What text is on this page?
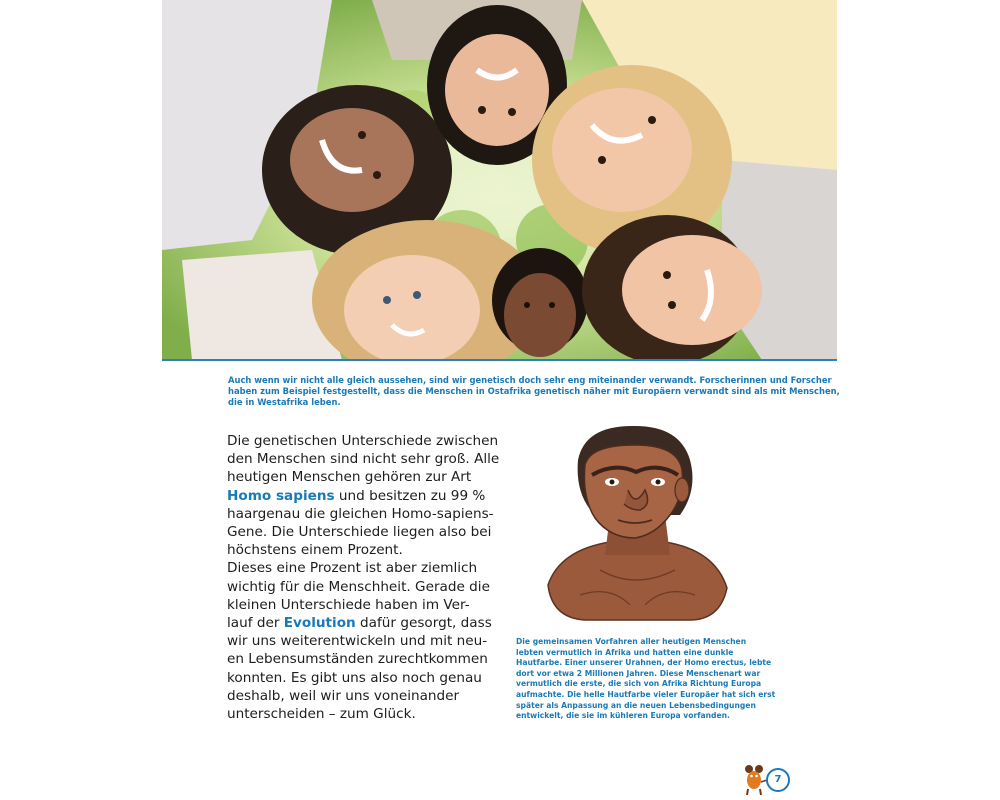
Auch wenn wir nicht alle gleich aussehen, sind wir genetisch doch sehr eng miteinander verwandt. Forscherinnen und Forscher
haben zum Beispiel festgestellt, dass die Menschen in Ostafrika genetisch näher mit Europäern verwandt sind als mit Menschen,
die in Westafrika leben.
Die genetischen Unterschiede zwischen
den Menschen sind nicht sehr groß. Alle
heutigen Menschen gehören zur Art
Homo sapiens und besitzen zu 99 %
haargenau die gleichen Homo-sapiens-
Gene. Die Unterschiede liegen also bei
höchstens einem Prozent.
Dieses eine Prozent ist aber ziemlich
wichtig für die Menschheit. Gerade die
kleinen Unterschiede haben im Ver-
lauf der Evolution dafür gesorgt, dass
wir uns weiterentwickeln und mit neu-
en Lebensumständen zurechtkommen
konnten. Es gibt uns also noch genau
deshalb, weil wir uns voneinander
unterscheiden – zum Glück.
Die gemeinsamen Vorfahren aller heutigen Menschen
lebten vermutlich in Afrika und hatten eine dunkle
Hautfarbe. Einer unserer Urahnen, der Homo erectus, lebte
dort vor etwa 2 Millionen Jahren. Diese Menschenart war
vermutlich die erste, die sich von Afrika Richtung Europa
aufmachte. Die helle Hautfarbe vieler Europäer hat sich erst
später als Anpassung an die neuen Lebensbedingungen
entwickelt, die sie im kühleren Europa vorfanden.
7
